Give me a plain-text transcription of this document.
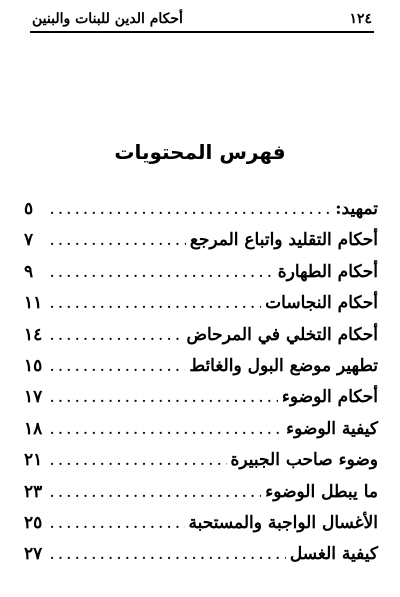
١٢٤
أحكام الدين للبنات والبنين
فهرس المحتويات
تمهيد:
. . .
٥
أحكام التقليد واتباع المرجع
. . .
٧
أحكام الطهارة
. . .
٩
أحكام النجاسات
. . .
١١
أحكام التخلي في المرحاض
. . .
١٤
تطهير موضع البول والغائط
. . .
١٥
أحكام الوضوء
. . .
١٧
كيفية الوضوء
. . .
١٨
وضوء صاحب الجبيرة
. . .
٢١
ما يبطل الوضوء
. . .
٢٣
الأغسال الواجبة والمستحبة
. . .
٢٥
كيفية الغسل
. . .
٢٧
